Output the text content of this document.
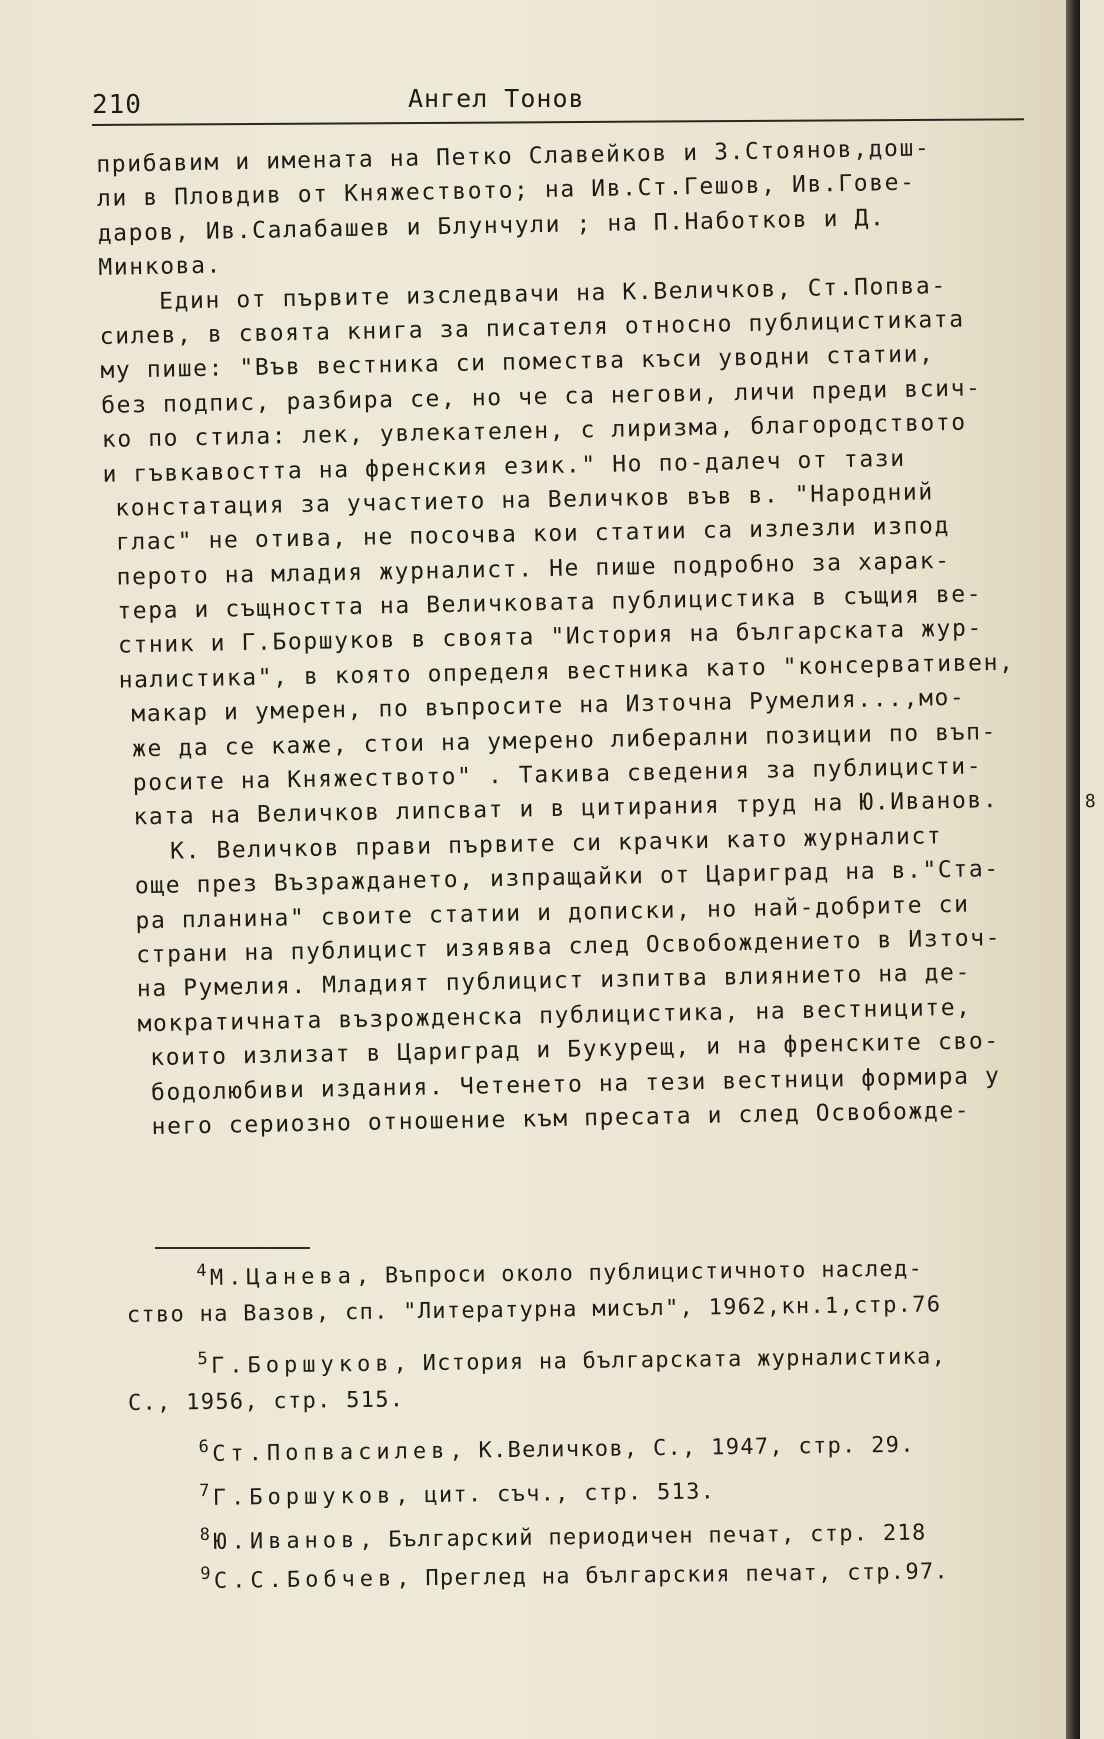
210	Ангел Тонов
прибавим и имената на Петко Славейков и З.Стоянов,дош-
ли в Пловдив от Княжеството; на Ив.Ст.Гешов, Ив.Гове-
даров, Ив.Салабашев и Блунчули ; на П.Наботков и Д.
Минкова.
Един от първите изследвачи на К.Величков, Ст.Попва-
силев, в своята книга за писателя относно публицистиката
му пише: "Във вестника си помества къси уводни статии,
без подпис, разбира се, но че са негови, личи преди всич-
ко по стила: лек, увлекателен, с лиризма, благородството
и гъвкавостта на френския език." Но по-далеч от тази
констатация за участието на Величков във в. "Народний
глас" не отива, не посочва кои статии са излезли изпод
перото на младия журналист. Не пише подробно за харак-
тера и същността на Величковата публицистика в същия ве-
стник и Г.Боршуков в своята "История на българската жур-
налистика", в която определя вестника като "консервативен,
макар и умерен, по въпросите на Източна Румелия...,мо-
же да се каже, стои на умерено либерални позиции по въп-
росите на Княжеството" . Такива сведения за публицисти-
ката на Величков липсват и в цитирания труд на Ю.Иванов.	8
К. Величков прави първите си крачки като журналист
още през Възраждането, изпращайки от Цариград на в."Ста-
ра планина" своите статии и дописки, но най-добрите си
страни на публицист изявява след Освобождението в Източ-
на Румелия. Младият публицист изпитва влиянието на де-
мократичната възрожденска публицистика, на вестниците,
които излизат в Цариград и Букурещ, и на френските сво-
бодолюбиви издания. Четенето на тези вестници формира у
него сериозно отношение към пресата и след Освобожде-
$^4$М.Цанева, Въпроси около публицистичното наслед-
ство на Вазов, сп. "Литературна мисъл", 1962,кн.1,стр.76
$^5$Г.Боршуков, История на българската журналистика,
С., 1956, стр. 515.
$^6$Ст.Попвасилев, К.Величков, С., 1947, стр. 29.
$^7$Г.Боршуков, цит. съч., стр. 513.
$^8$Ю.Иванов, Българский периодичен печат, стр. 218
$^9$С.С.Бобчев, Преглед на българския печат, стр.97.
